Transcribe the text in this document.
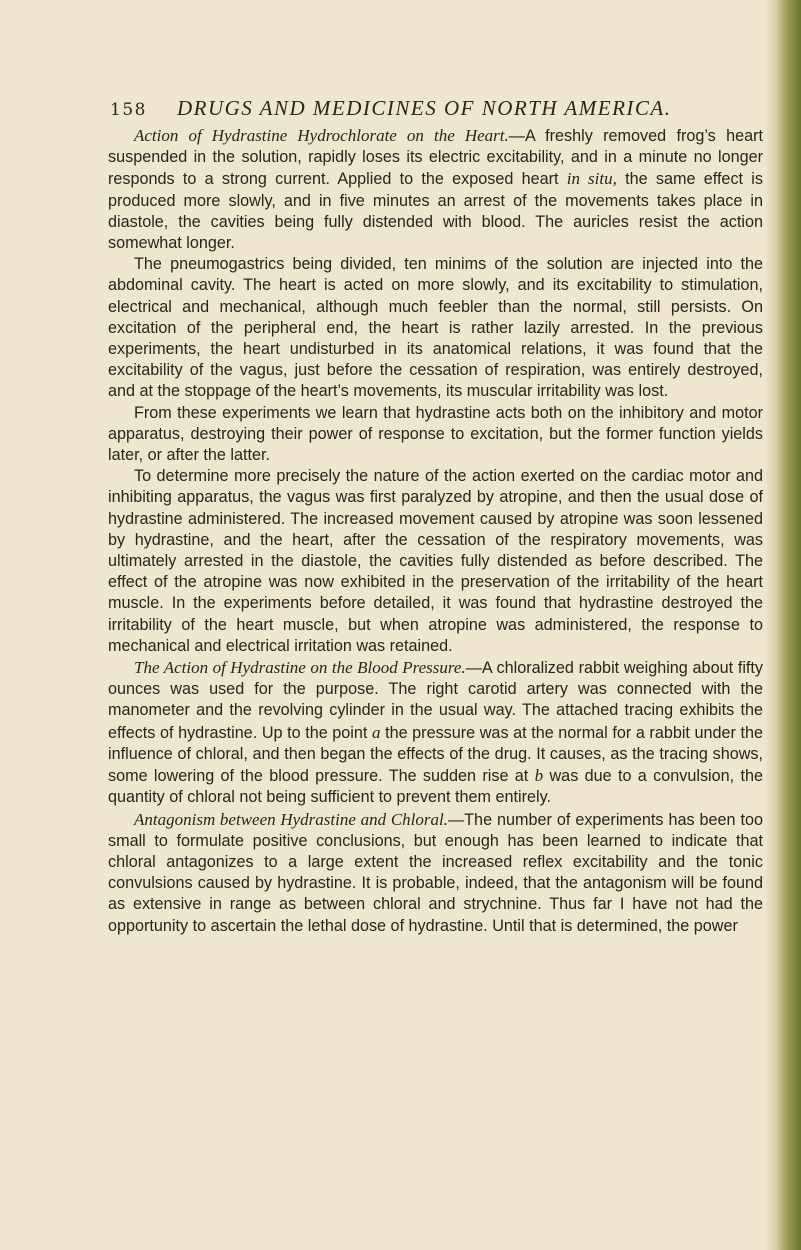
158 DRUGS AND MEDICINES OF NORTH AMERICA.

Action of Hydrastine Hydrochlorate on the Heart.—A freshly removed frog’s heart suspended in the solution, rapidly loses its electric excitability, and in a minute no longer responds to a strong current. Applied to the exposed heart in situ, the same effect is produced more slowly, and in five minutes an arrest of the movements takes place in diastole, the cavities being fully distended with blood. The auricles resist the action somewhat longer.

The pneumogastrics being divided, ten minims of the solution are injected into the abdominal cavity. The heart is acted on more slowly, and its excitability to stimulation, electrical and mechanical, although much feebler than the normal, still persists. On excitation of the peripheral end, the heart is rather lazily arrested. In the previous experiments, the heart undisturbed in its anatomical relations, it was found that the excitability of the vagus, just before the cessation of respiration, was entirely destroyed, and at the stoppage of the heart’s movements, its muscular irritability was lost.

From these experiments we learn that hydrastine acts both on the inhibitory and motor apparatus, destroying their power of response to excitation, but the former function yields later, or after the latter.

To determine more precisely the nature of the action exerted on the cardiac motor and inhibiting apparatus, the vagus was first paralyzed by atropine, and then the usual dose of hydrastine administered. The increased movement caused by atropine was soon lessened by hydrastine, and the heart, after the cessation of the respiratory movements, was ultimately arrested in the diastole, the cavities fully distended as before described. The effect of the atropine was now exhibited in the preservation of the irritability of the heart muscle. In the experiments before detailed, it was found that hydrastine destroyed the irritability of the heart muscle, but when atropine was administered, the response to mechanical and electrical irritation was retained.

The Action of Hydrastine on the Blood Pressure.—A chloralized rabbit weighing about fifty ounces was used for the purpose. The right carotid artery was connected with the manometer and the revolving cylinder in the usual way. The attached tracing exhibits the effects of hydrastine. Up to the point a the pressure was at the normal for a rabbit under the influence of chloral, and then began the effects of the drug. It causes, as the tracing shows, some lowering of the blood pressure. The sudden rise at b was due to a convulsion, the quantity of chloral not being sufficient to prevent them entirely.

Antagonism between Hydrastine and Chloral.—The number of experiments has been too small to formulate positive conclusions, but enough has been learned to indicate that chloral antagonizes to a large extent the increased reflex excitability and the tonic convulsions caused by hydrastine. It is probable, indeed, that the antagonism will be found as extensive in range as between chloral and strychnine. Thus far I have not had the opportunity to ascertain the lethal dose of hydrastine. Until that is determined, the power
